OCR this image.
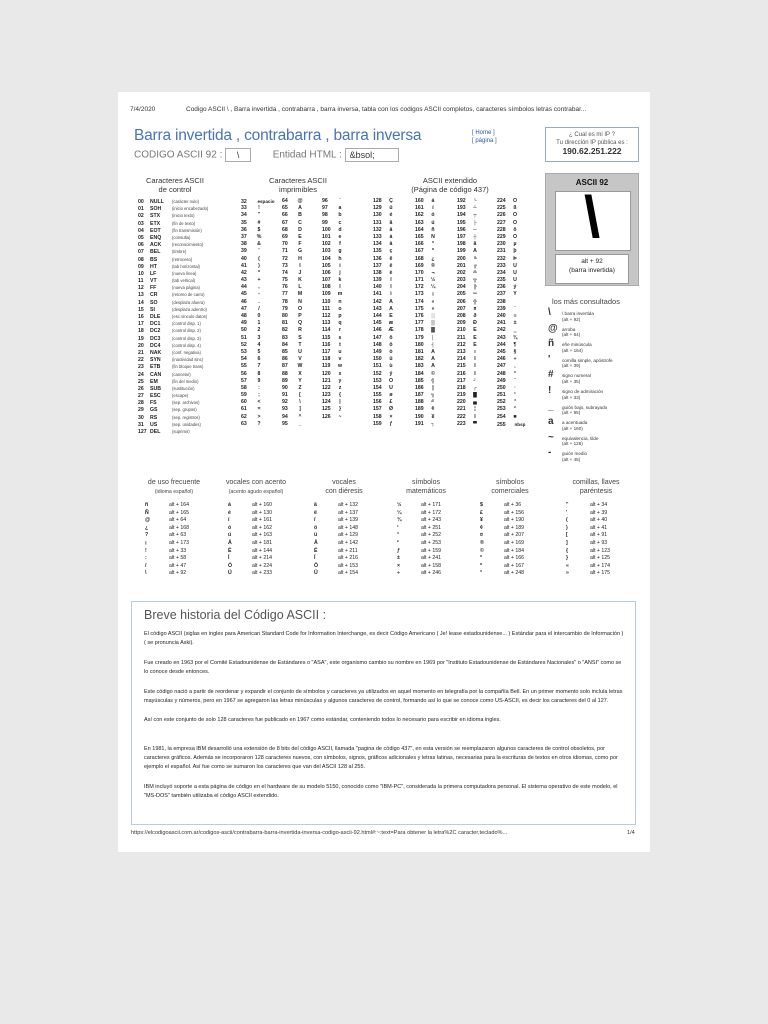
7/4/2020	Codigo ASCII \ , Barra invertida , contrabarra , barra inversa, tabla con los codigos ASCII completos, caracteres símbolos letras contrabar...
Barra invertida , contrabarra , barra inversa
CODIGO ASCII 92 : \	Entidad HTML : &bsol;
[ Home ]
[ página ]
¿ Cual es mi IP ?
Tu dirección IP pública es :
190.62.251.222
Caracteres ASCII
de control
Caracteres ASCII
imprimibles
ASCII extendido
(Página de código 437)
00 NULL (carácter nulo)
01 SOH	(inicio encabezado)
02 STX	(inicio texto)
03 ETX	(fin de texto)
04 EOT	(fin transmisión)
05 ENQ	(consulta)
06 ACK	(reconocimiento)
07 BEL	(timbre)
08 BS	(retroceso)
09 HT	(tab horizontal)
10 LF	(nueva línea)
11 VT	(tab vertical)
12 FF	(nueva página)
13 CR	(retorno de carro)
14 SO	(desplaza afuera)
15 SI	(desplaza adentro)
16 DLE	(esc.vínculo datos)
17 DC1	(control disp. 1)
18 DC2	(control disp. 2)
19 DC3	(control disp. 3)
20 DC4	(control disp. 4)
21 NAK	(conf. negativa)
22 SYN	(inactividad sinc)
23 ETB	(fin bloque trans)
24 CAN	(cancelar)
25 EM	(fin del medio)
26 SUB	(sustitución)
27 ESC	(escape)
28 FS	(sep. archivos)
29 GS	(sep. grupos)
30 RS	(sep. registros)
31 US	(sep. unidades)
127 DEL	(suprimir)
32 espacio
33 !
34 "
35 #
36 $
37 %
38 &
39 '
40 (
41 )
42 *
43 +
44 ,
45 -
46 .
47 /
48 0
49 1
50 2
51 3
52 4
53 5
54 6
55 7
56 8
57 9
58 :
59 ;
60 <
61 =
62 >
63 ?
64 @
65 A
66 B
67 C
68 D
69 E
70 F
71 G
72 H
73 I
74 J
75 K
76 L
77 M
78 N
79 O
80 P
81 Q
82 R
83 S
84 T
85 U
86 V
87 W
88 X
89 Y
90 Z
91 [
92 \
93 ]
94 ^
95 _
96 `
97 a
98 b
99 c
100 d
101 e
102 f
103 g
104 h
105 i
106 j
107 k
108 l
109 m
110 n
111 o
112 p
113 q
114 r
115 s
116 t
117 u
118 v
119 w
120 x
121 y
122 z
123 {
124 |
125 }
126 ~
128 Ç
129 ü
130 é
131 â
132 ä
133 à
134 å
135 ç
136 ê
137 ë
138 è
139 ï
140 î
141 ì
142 Ä
143 Å
144 É
145 æ
146 Æ
147 ô
148 ö
149 ò
150 û
151 ù
152 ÿ
153 Ö
154 Ü
155 ø
156 £
157 Ø
158 ×
159 ƒ
160 á
161 í
162 ó
163 ú
164 ñ
165 Ñ
166 ª
167 º
168 ¿
169 ®
170 ¬
171 ½
172 ¼
173 ¡
174 «
175 »
176 ░
177 ▒
178 ▓
179 │
180 ┤
181 Á
182 Â
183 À
184 ©
185 ╣
186 ║
187 ╗
188 ╝
189 ¢
190 ¥
191 ┐
192 └
193 ┴
194 ┬
195 ├
196 ─
197 ┼
198 ã
199 Ã
200 ╚
201 ╔
202 ╩
203 ╦
204 ╠
205 ═
206 ╬
207 ¤
208 ð
209 Ð
210 Ê
211 Ë
212 È
213 ı
214 Í
215 Î
216 Ï
217 ┘
218 ┌
219 █
220 ▄
221 ¦
222 Ì
223 ▀
224 Ó
225 ß
226 Ô
227 Ò
228 õ
229 Õ
230 µ
231 þ
232 Þ
233 Ú
234 Û
235 Ù
236 ý
237 Ý
238 ¯
239 ´
240 ≡
241 ±
242 ‗
243 ¾
244 ¶
245 §
246 ÷
247 ¸
248 °
249 ¨
250 ·
251 ¹
252 ³
253 ²
254 ■
255 nbsp
ASCII 92
\
alt + 92
(barra invertida)
los más consultados
\ \ barra invertida
(alt + 92)
@ arroba
(alt + 64)
ñ eñe minúscula
(alt + 164)
'	comilla simple, apóstrofe
(alt + 39)
# signo numeral
(alt + 35)
! signo de admiración
(alt + 33)
_ guión bajo, subrayado
(alt + 95)
a a acentuada
(alt + 160)
~ equivalencia, tilde
(alt + 126)
- guión medio
(alt + 45)
de uso frecuente
(idioma español)
vocales con acento
(acento agudo español)
vocales
con diéresis
símbolos
matemáticos
símbolos
comerciales
comillas, llaves
paréntesis
ñ	alt + 164
Ñ	alt + 165
@	alt + 64
¿	alt + 168
?	alt + 63
¡	alt + 173
!	alt + 33
:	alt + 58
/	alt + 47
\	alt + 92
á	alt + 160
é	alt + 130
í	alt + 161
ó	alt + 162
ú	alt + 163
Á	alt + 181
É	alt + 144
Í	alt + 214
Ó	alt + 224
Ú	alt + 233
ä	alt + 132
ë	alt + 137
ï	alt + 139
ö	alt + 148
ü	alt + 129
Ä	alt + 142
Ë	alt + 211
Ï	alt + 216
Ö	alt + 153
Ü	alt + 154
½	alt + 171
¼	alt + 172
¾	alt + 243
¹	alt + 251
³	alt + 252
²	alt + 253
ƒ	alt + 159
±	alt + 241
×	alt + 158
÷	alt + 246
$	alt + 36
£	alt + 156
¥	alt + 190
¢	alt + 189
¤	alt + 207
®	alt + 169
©	alt + 184
ª	alt + 166
º	alt + 167
°	alt + 248
"	alt + 34
'	alt + 39
(	alt + 40
)	alt + 41
[	alt + 91
]	alt + 93
{	alt + 123
}	alt + 125
«	alt + 174
»	alt + 175
Breve historia del Código ASCII :
El código ASCII (siglas en ingles para American Standard Code for Information Interchange, es decir Código Americano ( Je! lease estadounidense... ) Estándar para el intercambio de Información ) ( se pronuncia Aski).
Fue creado en 1963 por el Comité Estadounidense de Estándares o "ASA", este organismo cambio su nombre en 1969 por "Instituto Estadounidense de Estándares Nacionales" o "ANSI" como se lo conoce desde entonces.
Este código nació a partir de reordenar y expandir el conjunto de símbolos y caracteres ya utilizados en aquel momento en telegrafía por la compañía Bell. En un primer momento solo incluía letras mayúsculas y números, pero en 1967 se agregaron las letras minúsculas y algunos caracteres de control, formando así lo que se conoce como US-ASCII, es decir los caracteres del 0 al 127.
Así con este conjunto de solo 128 caracteres fue publicado en 1967 como estándar, conteniendo todos lo necesario para escribir en idioma ingles.
En 1981, la empresa IBM desarrolló una extensión de 8 bits del código ASCII, llamada "pagina de código 437", en esta versión se reemplazaron algunos caracteres de control obsoletos, por caracteres gráficos. Además se incorporaron 128 caracteres nuevos, con símbolos, signos, gráficos adicionales y letras latinas, necesarias para la escrituras de textos en otros idiomas, como por ejemplo el español. Así fue como se sumaron los caracteres que van del ASCII 128 al 255.
IBM incluyó soporte a esta página de código en el hardware de su modelo 5150, conocido como "IBM-PC", considerada la primera computadora personal. El sistema operativo de este modelo, el "MS-DOS" también utilizaba el código ASCII extendido.
https://elcodigoascii.com.ar/codigos-ascii/contrabarra-barra-invertida-inversa-codigo-ascii-92.html#:~:text=Para obtener la letra%2C caracter,teclado%...	1/4
